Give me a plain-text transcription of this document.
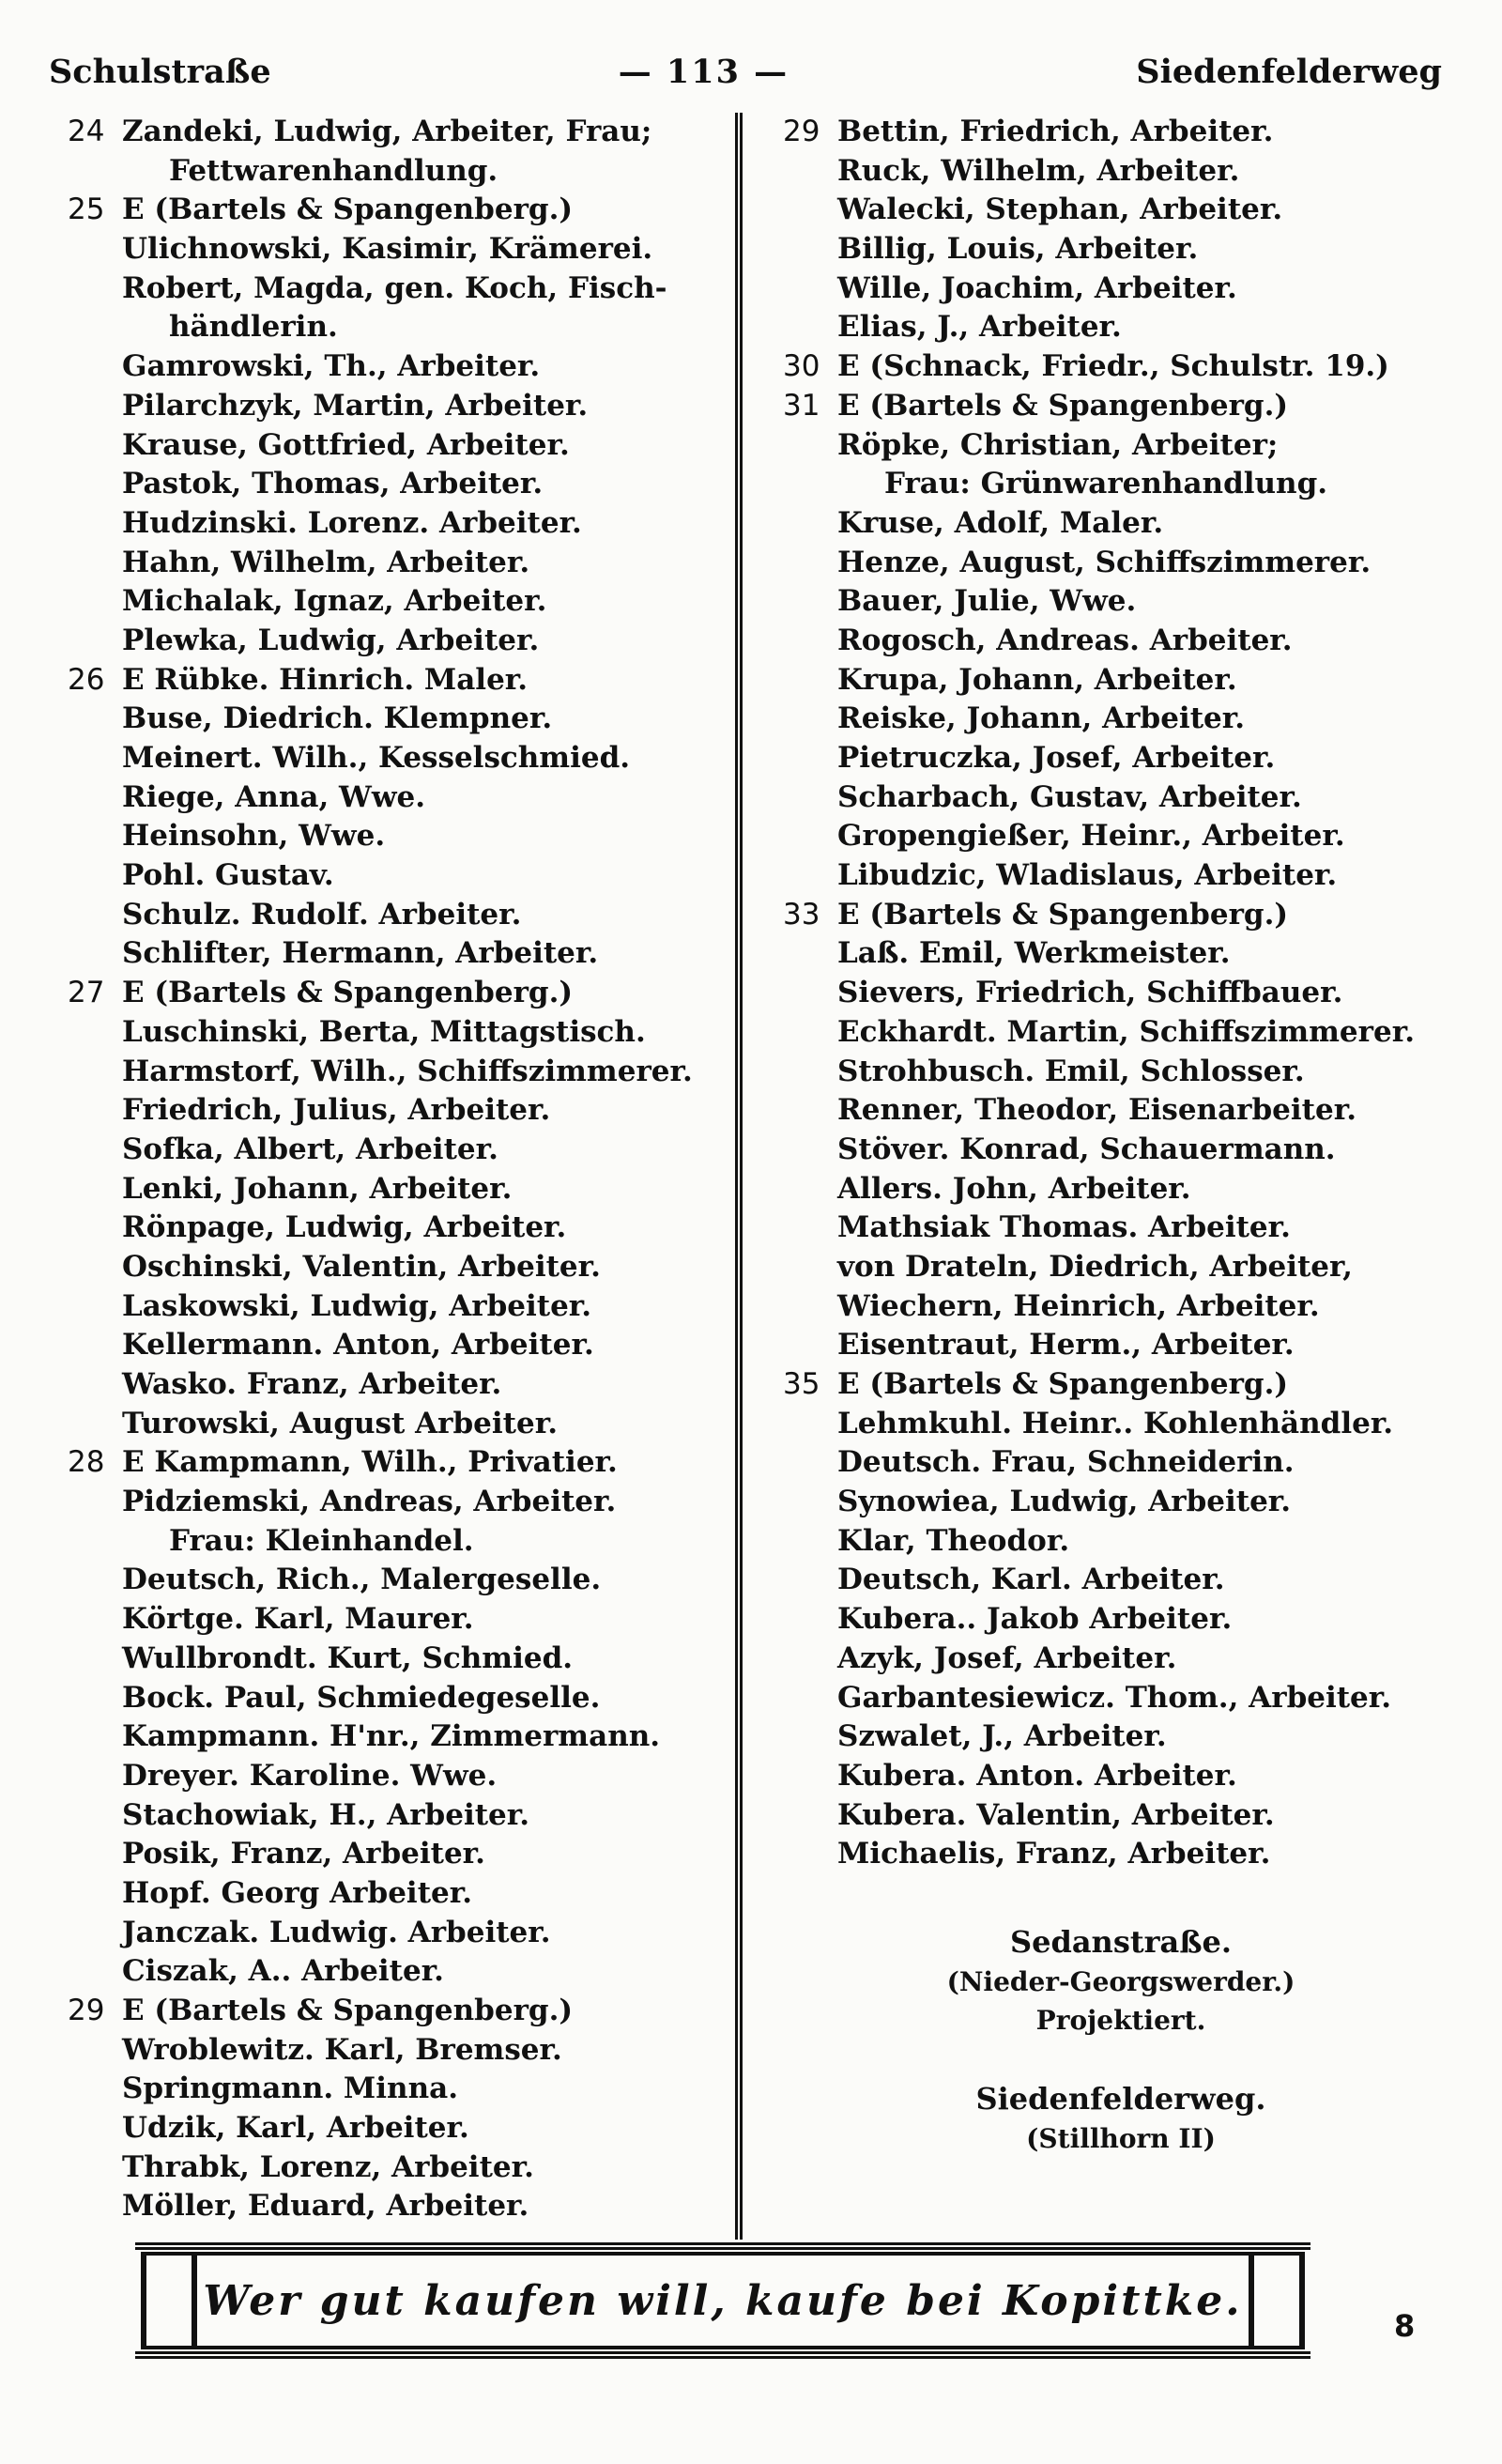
Schulstraße	— 113 —	Siedenfelderweg
24 Zandeki, Ludwig, Arbeiter, Frau;
Fettwarenhandlung.
25 E (Bartels & Spangenberg.)
Ulichnowski, Kasimir, Krämerei.
Robert, Magda, gen. Koch, Fisch-
händlerin.
Gamrowski, Th., Arbeiter.
Pilarchzyk, Martin, Arbeiter.
Krause, Gottfried, Arbeiter.
Pastok, Thomas, Arbeiter.
Hudzinski. Lorenz. Arbeiter.
Hahn, Wilhelm, Arbeiter.
Michalak, Ignaz, Arbeiter.
Plewka, Ludwig, Arbeiter.
26 E Rübke. Hinrich. Maler.
Buse, Diedrich. Klempner.
Meinert. Wilh., Kesselschmied.
Riege, Anna, Wwe.
Heinsohn, Wwe.
Pohl. Gustav.
Schulz. Rudolf. Arbeiter.
Schlifter, Hermann, Arbeiter.
27 E (Bartels & Spangenberg.)
Luschinski, Berta, Mittagstisch.
Harmstorf, Wilh., Schiffszimmerer.
Friedrich, Julius, Arbeiter.
Sofka, Albert, Arbeiter.
Lenki, Johann, Arbeiter.
Rönpage, Ludwig, Arbeiter.
Oschinski, Valentin, Arbeiter.
Laskowski, Ludwig, Arbeiter.
Kellermann. Anton, Arbeiter.
Wasko. Franz, Arbeiter.
Turowski, August Arbeiter.
28 E Kampmann, Wilh., Privatier.
Pidziemski, Andreas, Arbeiter.
Frau: Kleinhandel.
Deutsch, Rich., Malergeselle.
Körtge. Karl, Maurer.
Wullbrondt. Kurt, Schmied.
Bock. Paul, Schmiedegeselle.
Kampmann. H'nr., Zimmermann.
Dreyer. Karoline. Wwe.
Stachowiak, H., Arbeiter.
Posik, Franz, Arbeiter.
Hopf. Georg Arbeiter.
Janczak. Ludwig. Arbeiter.
Ciszak, A.. Arbeiter.
29 E (Bartels & Spangenberg.)
Wroblewitz. Karl, Bremser.
Springmann. Minna.
Udzik, Karl, Arbeiter.
Thrabk, Lorenz, Arbeiter.
Möller, Eduard, Arbeiter.
29 Bettin, Friedrich, Arbeiter.
Ruck, Wilhelm, Arbeiter.
Walecki, Stephan, Arbeiter.
Billig, Louis, Arbeiter.
Wille, Joachim, Arbeiter.
Elias, J., Arbeiter.
30 E (Schnack, Friedr., Schulstr. 19.)
31 E (Bartels & Spangenberg.)
Röpke, Christian, Arbeiter;
Frau: Grünwarenhandlung.
Kruse, Adolf, Maler.
Henze, August, Schiffszimmerer.
Bauer, Julie, Wwe.
Rogosch, Andreas. Arbeiter.
Krupa, Johann, Arbeiter.
Reiske, Johann, Arbeiter.
Pietruczka, Josef, Arbeiter.
Scharbach, Gustav, Arbeiter.
Gropengießer, Heinr., Arbeiter.
Libudzic, Wladislaus, Arbeiter.
33 E (Bartels & Spangenberg.)
Laß. Emil, Werkmeister.
Sievers, Friedrich, Schiffbauer.
Eckhardt. Martin, Schiffszimmerer.
Strohbusch. Emil, Schlosser.
Renner, Theodor, Eisenarbeiter.
Stöver. Konrad, Schauermann.
Allers. John, Arbeiter.
Mathsiak Thomas. Arbeiter.
von Drateln, Diedrich, Arbeiter,
Wiechern, Heinrich, Arbeiter.
Eisentraut, Herm., Arbeiter.
35 E (Bartels & Spangenberg.)
Lehmkuhl. Heinr.. Kohlenhändler.
Deutsch. Frau, Schneiderin.
Synowiea, Ludwig, Arbeiter.
Klar, Theodor.
Deutsch, Karl. Arbeiter.
Kubera.. Jakob Arbeiter.
Azyk, Josef, Arbeiter.
Garbantesiewicz. Thom., Arbeiter.
Szwalet, J., Arbeiter.
Kubera. Anton. Arbeiter.
Kubera. Valentin, Arbeiter.
Michaelis, Franz, Arbeiter.
Sedanstraße.
(Nieder-Georgswerder.)
Projektiert.
Siedenfelderweg.
(Stillhorn II)
Wer gut kaufen will, kaufe bei Kopittke.
8
